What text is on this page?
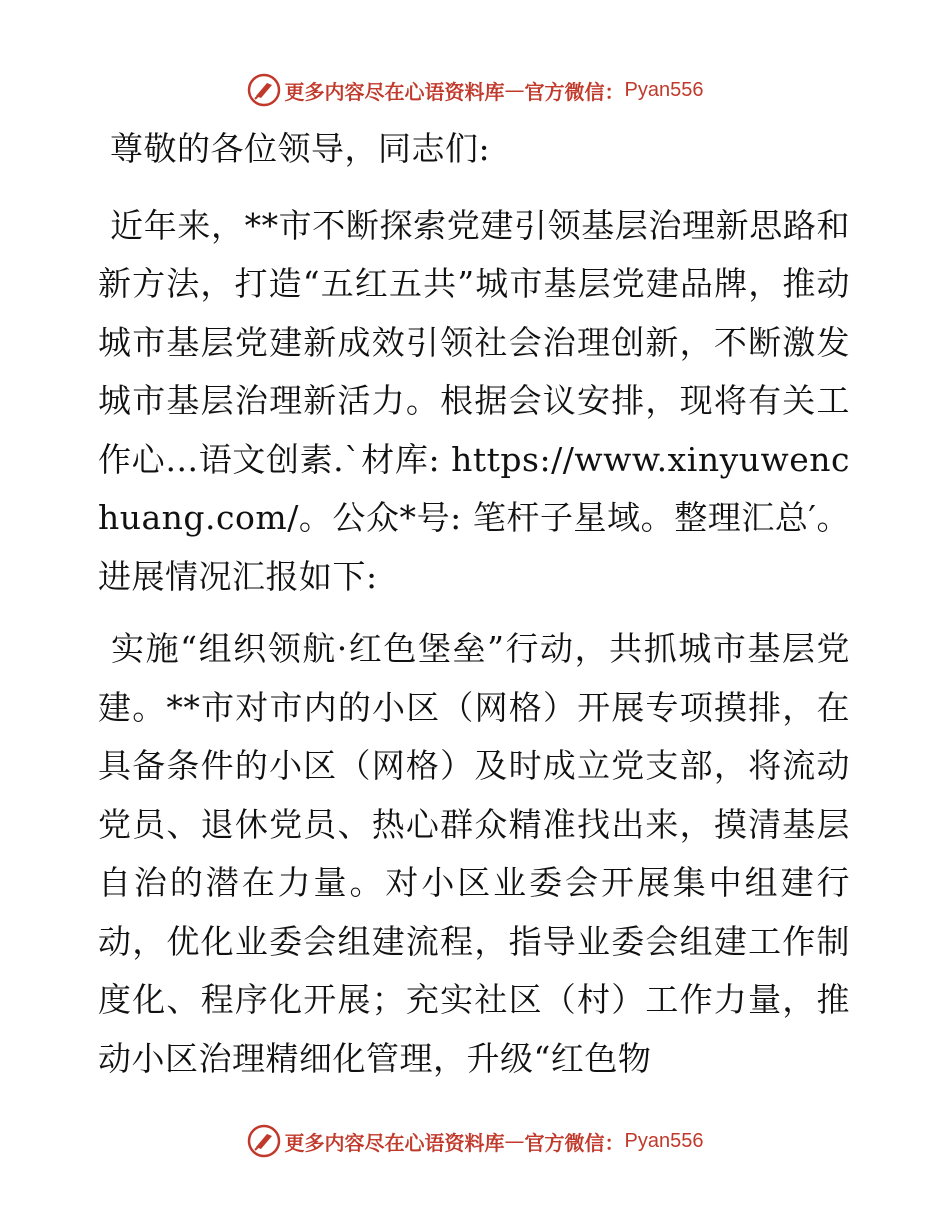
更多内容尽在心语资料库 — 官方微信： Pyan556

尊敬的各位领导，同志们:

近年来，**市不断探索党建引领基层治理新思路和新方法，打造“五红五共”城市基层党建品牌，推动城市基层党建新成效引领社会治理创新，不断激发城市基层治理新活力。根据会议安排，现将有关工作心…语文创素.`材库: https://www.xinyuwenchuang.com/。公众*号: 笔杆子星域。整理汇总′。进展情况汇报如下:

实施“组织领航·红色堡垒”行动，共抓城市基层党建。**市对市内的小区（网格）开展专项摸排，在具备条件的小区（网格）及时成立党支部，将流动党员、退休党员、热心群众精准找出来，摸清基层自治的潜在力量。对小区业委会开展集中组建行动，优化业委会组建流程，指导业委会组建工作制度化、程序化开展；充实社区（村）工作力量，推动小区治理精细化管理，升级“红色物

更多内容尽在心语资料库 — 官方微信： Pyan556
